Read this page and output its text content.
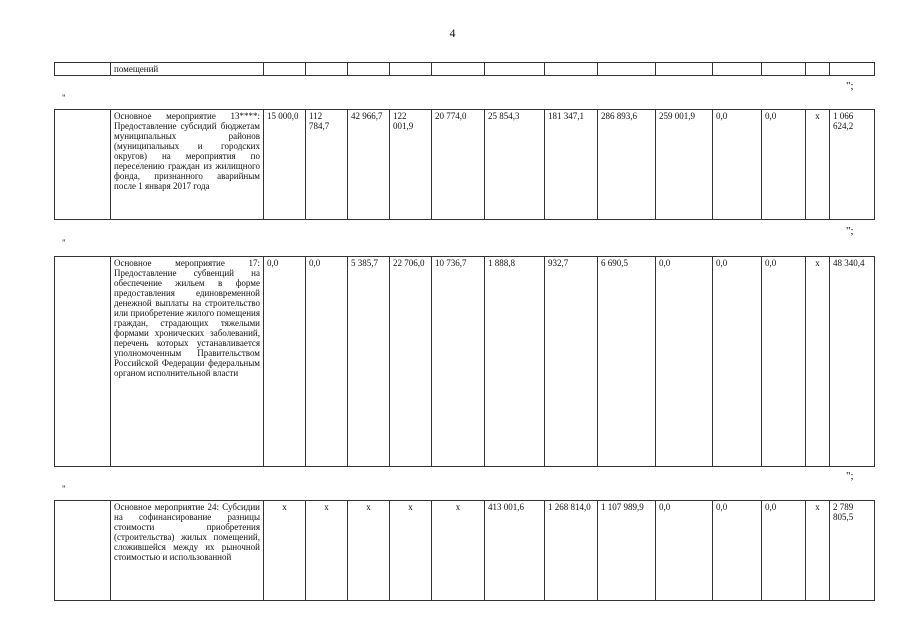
4
	помещений													
";
"
	Основное мероприятие 13****: Предоставление субсидий бюджетам муниципальных районов (муниципальных и городских округов) на мероприятия по переселению граждан из жилищного фонда, признанного аварийным после 1 января 2017 года	15 000,0	112 784,7	42 966,7	122 001,9	20 774,0	25 854,3	181 347,1	286 893,6	259 001,9	0,0	0,0	x	1 066 624,2
";
"
	Основное мероприятие 17: Предоставление субвенций на обеспечение жильем в форме предоставления единовременной денежной выплаты на строительство или приобретение жилого помещения граждан, страдающих тяжелыми формами хронических заболеваний, перечень которых устанавливается уполномоченным Правительством Российской Федерации федеральным органом исполнительной власти	0,0	0,0	5 385,7	22 706,0	10 736,7	1 888,8	932,7	6 690,5	0,0	0,0	0,0	x	48 340,4
";
"
	Основное мероприятие 24: Субсидии на софинансирование разницы стоимости приобретения (строительства) жилых помещений, сложившейся между их рыночной стоимостью и использованной	x	x	x	x	x	413 001,6	1 268 814,0	1 107 989,9	0,0	0,0	0,0	x	2 789 805,5
